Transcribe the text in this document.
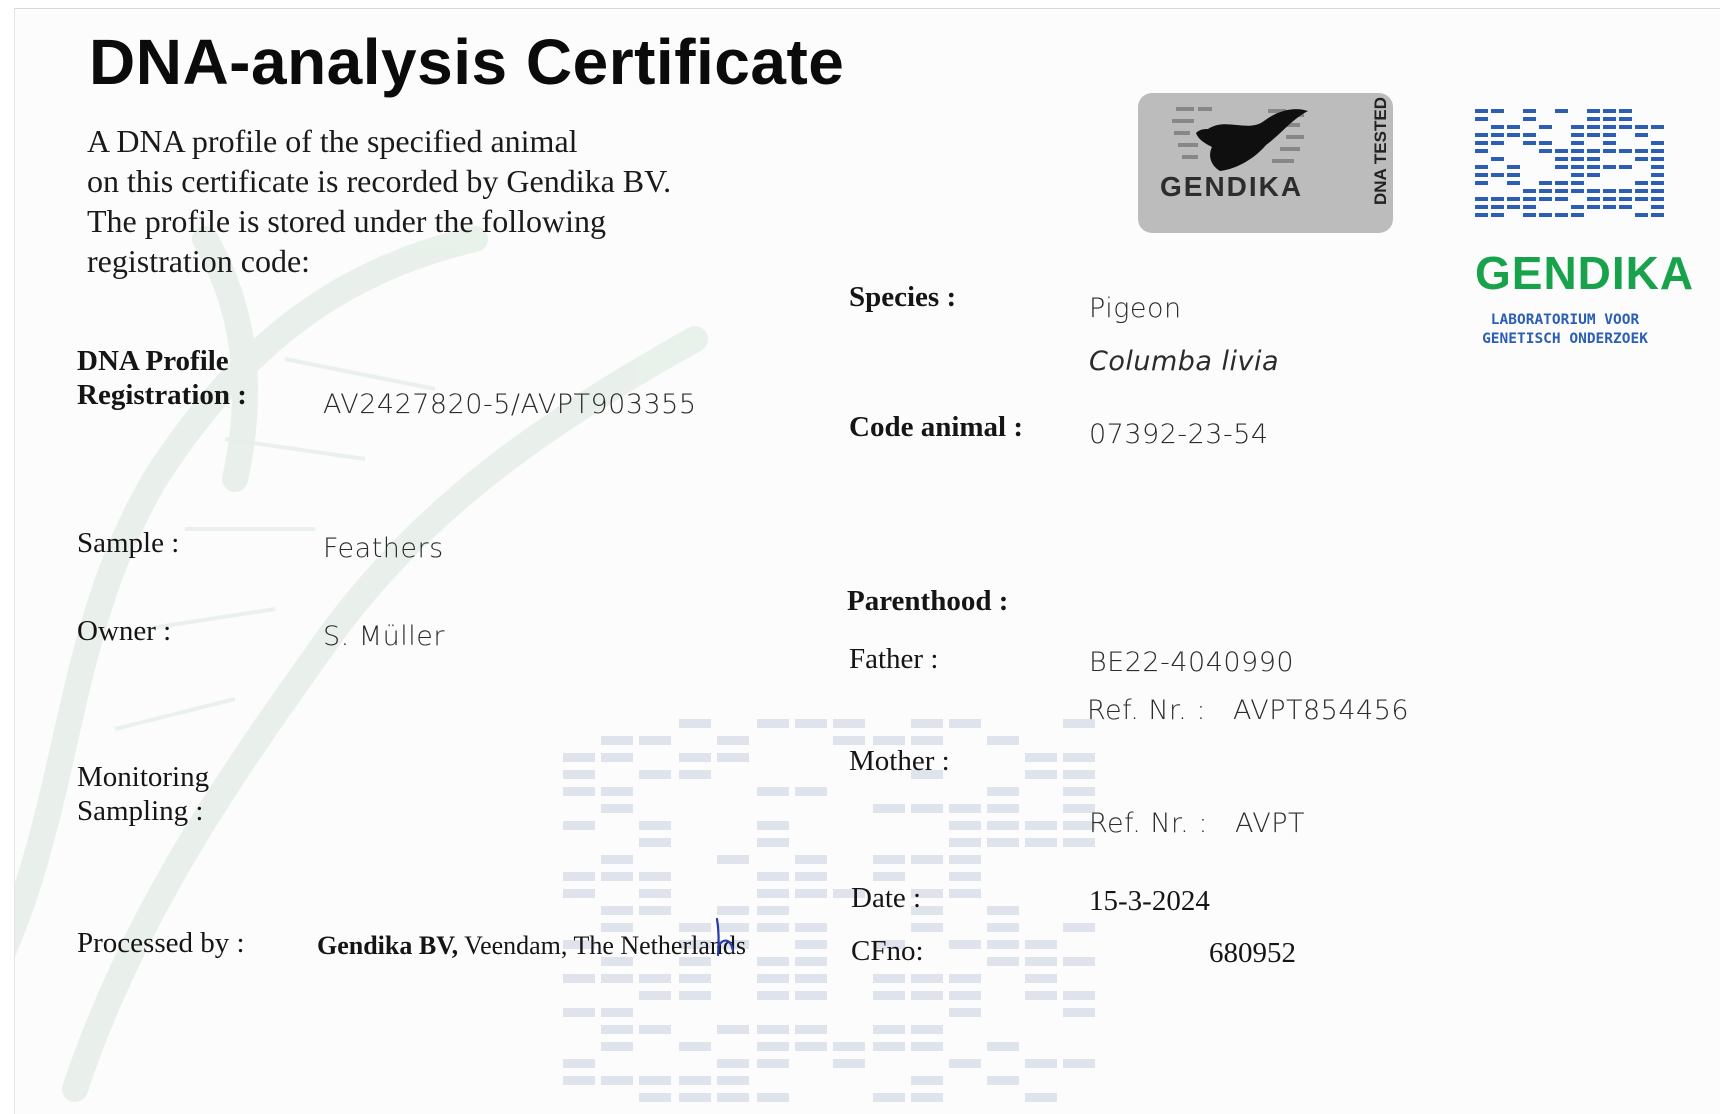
DNA-analysis Certificate
A DNA profile of the specified animal
on this certificate is recorded by Gendika BV.
The profile is stored under the following
registration code:
GENDIKA	DNA TESTED
GENDIKA
LABORATORIUM VOOR
GENETISCH ONDERZOEK
DNA Profile
Registration :	AV2427820-5/AVPT903355
Sample :	Feathers
Owner :	S. Müller
Monitoring
Sampling :
Processed by :	Gendika BV, Veendam, The Netherlands
Species :	Pigeon
Columba livia
Code animal : 07392-23-54
Parenthood :
Father :	BE22-4040990
Ref. Nr. : AVPT854456
Mother :
Ref. Nr. : AVPT
Date :	15-3-2024
CFno:	680952
